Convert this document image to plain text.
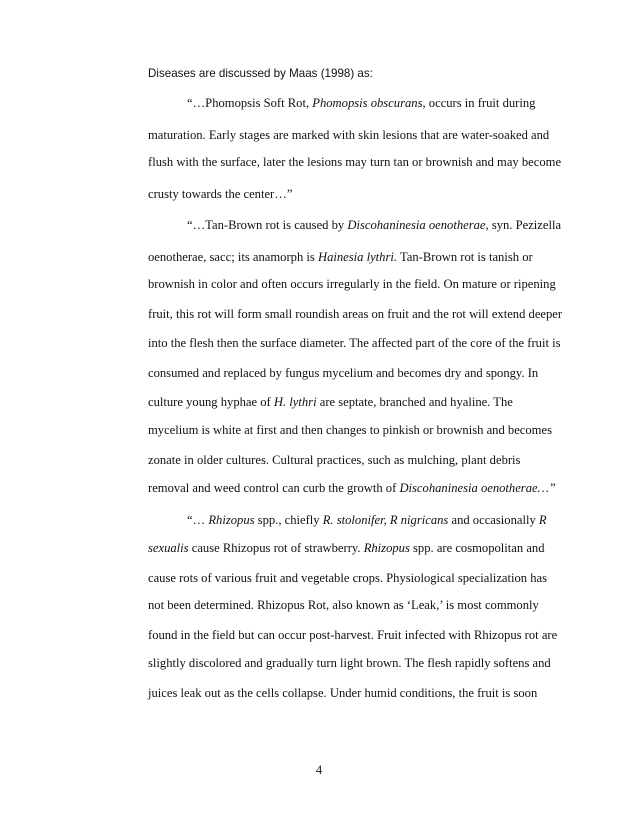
Diseases are discussed by Maas (1998) as:
“…Phomopsis Soft Rot, Phomopsis obscurans, occurs in fruit during
maturation. Early stages are marked with skin lesions that are water-soaked and
flush with the surface, later the lesions may turn tan or brownish and may become
crusty towards the center…”
“…Tan-Brown rot is caused by Discohaninesia oenotherae, syn. Pezizella
oenotherae, sacc; its anamorph is Hainesia lythri. Tan-Brown rot is tanish or
brownish in color and often occurs irregularly in the field. On mature or ripening
fruit, this rot will form small roundish areas on fruit and the rot will extend deeper
into the flesh then the surface diameter. The affected part of the core of the fruit is
consumed and replaced by fungus mycelium and becomes dry and spongy. In
culture young hyphae of H. lythri are septate, branched and hyaline. The
mycelium is white at first and then changes to pinkish or brownish and becomes
zonate in older cultures. Cultural practices, such as mulching, plant debris
removal and weed control can curb the growth of Discohaninesia oenotherae…”
“… Rhizopus spp., chiefly R. stolonifer, R nigricans and occasionally R
sexualis cause Rhizopus rot of strawberry. Rhizopus spp. are cosmopolitan and
cause rots of various fruit and vegetable crops. Physiological specialization has
not been determined. Rhizopus Rot, also known as ‘Leak,’ is most commonly
found in the field but can occur post-harvest. Fruit infected with Rhizopus rot are
slightly discolored and gradually turn light brown. The flesh rapidly softens and
juices leak out as the cells collapse. Under humid conditions, the fruit is soon
4
